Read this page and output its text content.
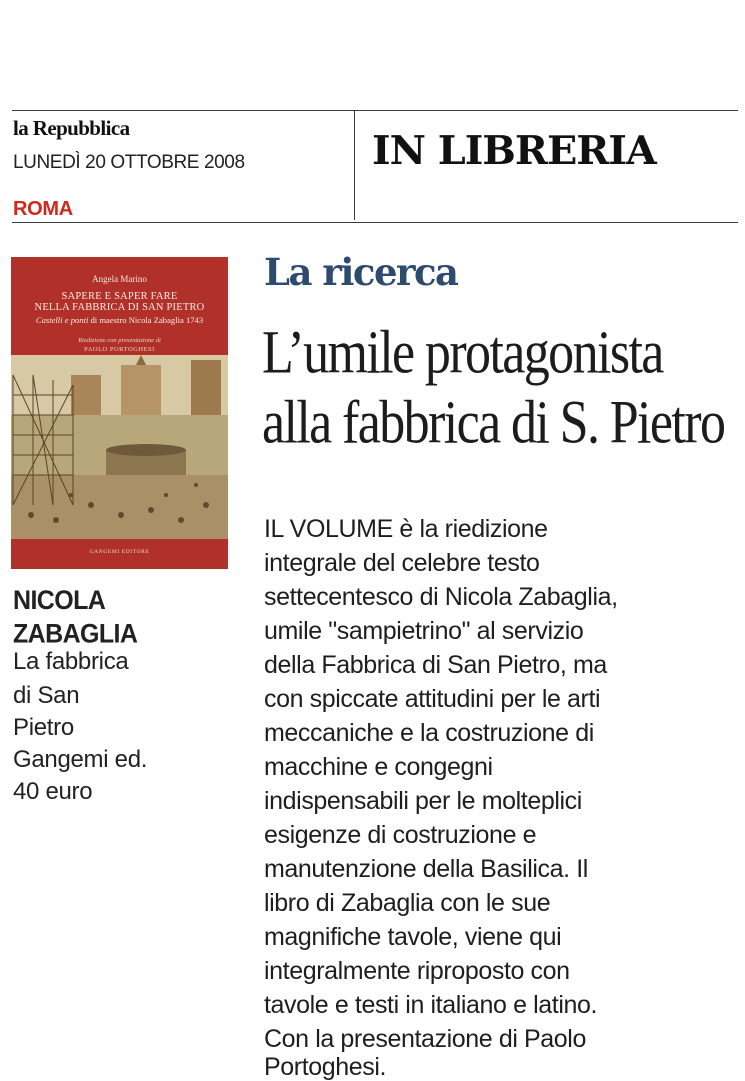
la Repubblica
LUNEDÌ 20 OTTOBRE 2008
ROMA
IN LIBRERIA
Angela Marino
SAPERE E SAPER FARE
NELLA FABBRICA DI SAN PIETRO
Castelli e ponti di maestro Nicola Zabaglia 1743
Riedizione con presentazione di
PAOLO PORTOGHESI
GANGEMI EDITORE
NICOLA
ZABAGLIA
La fabbrica
di San
Pietro
Gangemi ed.
40 euro
La ricerca
L’umile protagonista
alla fabbrica di S. Pietro
IL VOLUME è la riedizione
integrale del celebre testo
settecentesco di Nicola Zabaglia,
umile "sampietrino" al servizio
della Fabbrica di San Pietro, ma
con spiccate attitudini per le arti
meccaniche e la costruzione di
macchine e congegni
indispensabili per le molteplici
esigenze di costruzione e
manutenzione della Basilica. Il
libro di Zabaglia con le sue
magnifiche tavole, viene qui
integralmente riproposto con
tavole e testi in italiano e latino.
Con la presentazione di Paolo
Portoghesi.
